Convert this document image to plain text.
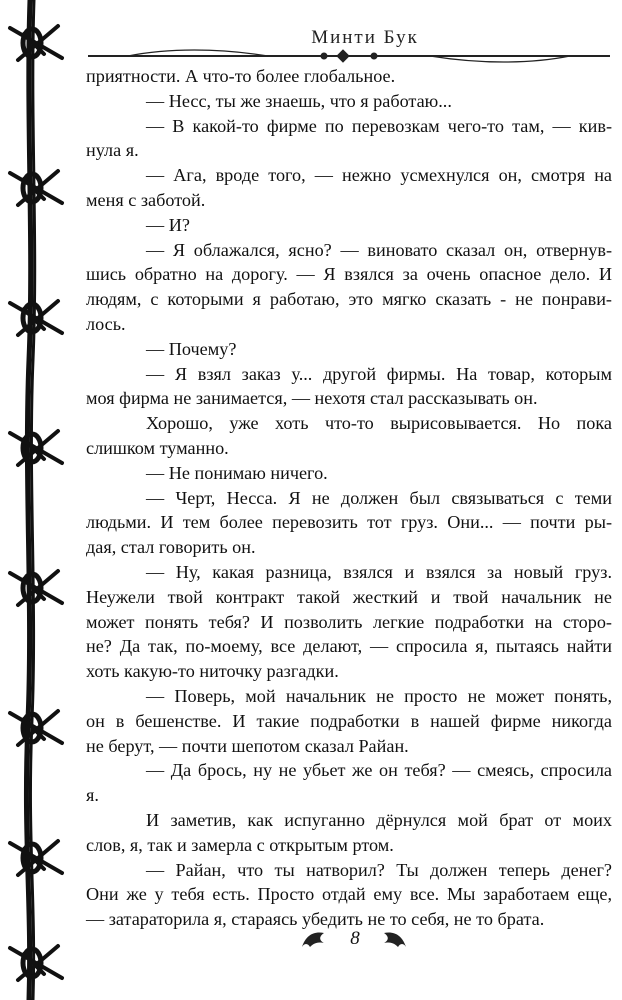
Минти Бук

приятности. А что-то более глобальное.

— Несс, ты же знаешь, что я работаю...

— В какой-то фирме по перевозкам чего-то там, — кив-

нула я.

— Ага, вроде того, — нежно усмехнулся он, смотря на

меня с заботой.

— И?

— Я облажался, ясно? — виновато сказал он, отвернув-

шись обратно на дорогу. — Я взялся за очень опасное дело. И

людям, с которыми я работаю, это мягко сказать - не понрави-

лось.

— Почему?

— Я взял заказ у... другой фирмы. На товар, которым

моя фирма не занимается, — нехотя стал рассказывать он.

Хорошо, уже хоть что-то вырисовывается. Но пока

слишком туманно.

— Не понимаю ничего.

— Черт, Несса. Я не должен был связываться с теми

людьми. И тем более перевозить тот груз. Они... — почти ры-

дая, стал говорить он.

— Ну, какая разница, взялся и взялся за новый груз.

Неужели твой контракт такой жесткий и твой начальник не

может понять тебя? И позволить легкие подработки на сторо-

не? Да так, по-моему, все делают, — спросила я, пытаясь найти

хоть какую-то ниточку разгадки.

— Поверь, мой начальник не просто не может понять,

он в бешенстве. И такие подработки в нашей фирме никогда

не берут, — почти шепотом сказал Райан.

— Да брось, ну не убьет же он тебя? — смеясь, спросила

я.

И заметив, как испуганно дёрнулся мой брат от моих

слов, я, так и замерла с открытым ртом.

— Райан, что ты натворил? Ты должен теперь денег?

Они же у тебя есть. Просто отдай ему все. Мы заработаем еще,

— затараторила я, стараясь убедить не то себя, не то брата.

8
